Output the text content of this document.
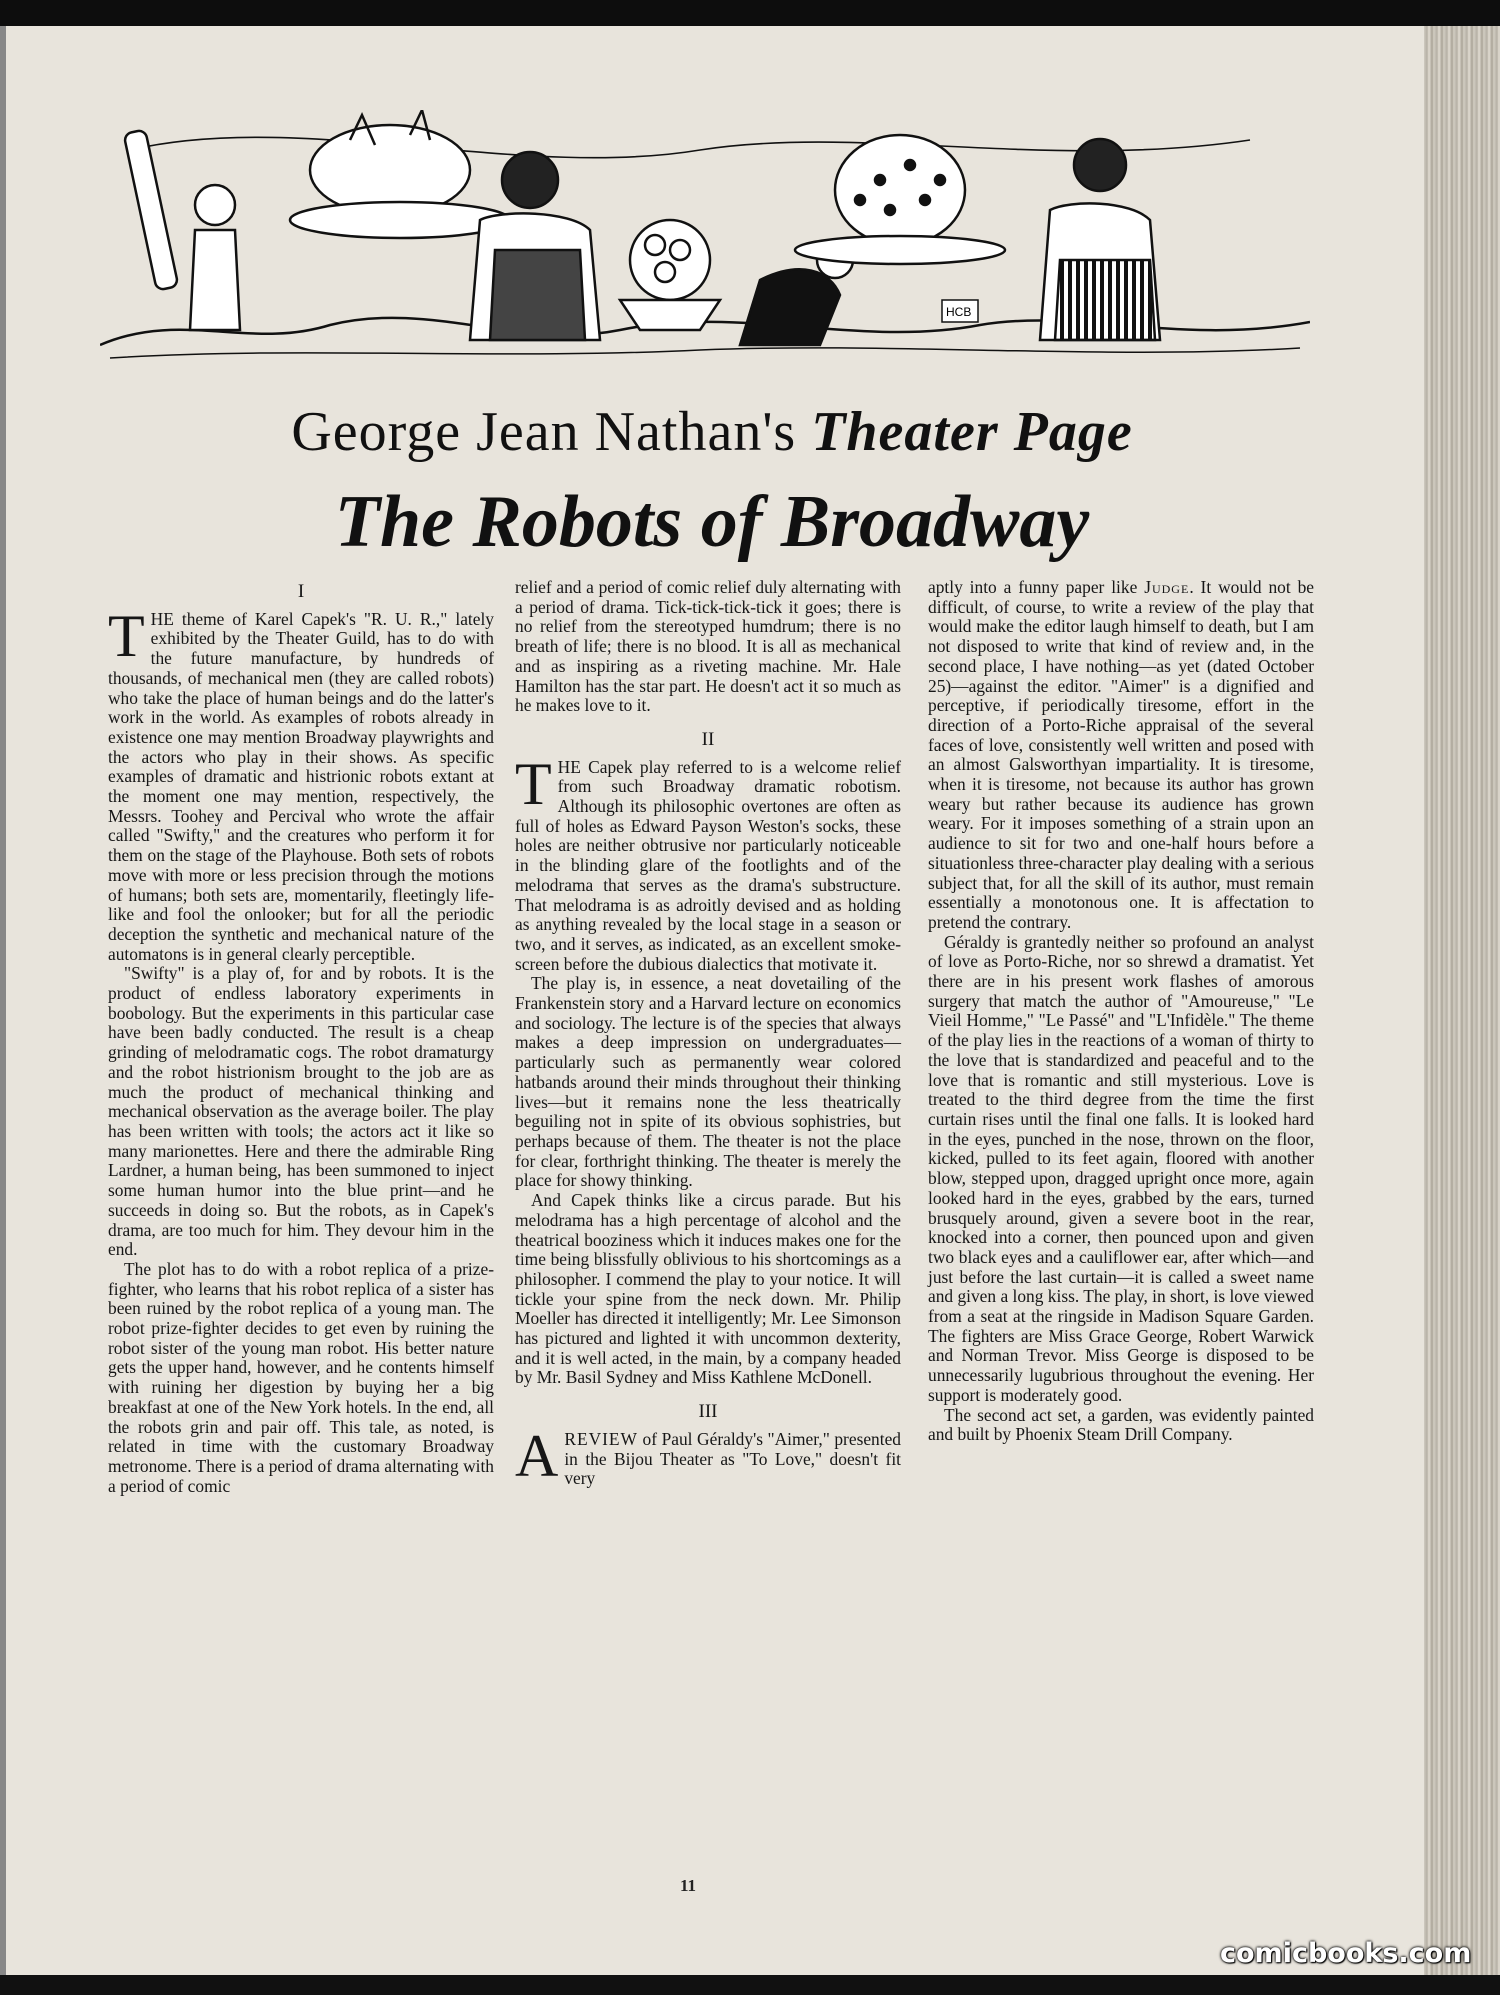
HCB
George Jean Nathan's Theater Page
The Robots of Broadway
I

THE theme of Karel Capek's "R. U. R.," lately exhibited by the Theater Guild, has to do with the future manufacture, by hundreds of thousands, of mechanical men (they are called robots) who take the place of human beings and do the latter's work in the world. As examples of robots already in existence one may mention Broadway playwrights and the actors who play in their shows. As specific examples of dramatic and histrionic robots extant at the moment one may mention, respectively, the Messrs. Toohey and Percival who wrote the affair called "Swifty," and the creatures who perform it for them on the stage of the Playhouse. Both sets of robots move with more or less precision through the motions of humans; both sets are, momentarily, fleetingly life-like and fool the onlooker; but for all the periodic deception the synthetic and mechanical nature of the automatons is in general clearly perceptible.

"Swifty" is a play of, for and by robots. It is the product of endless laboratory experiments in boobology. But the experiments in this particular case have been badly conducted. The result is a cheap grinding of melodramatic cogs. The robot dramaturgy and the robot histrionism brought to the job are as much the product of mechanical thinking and mechanical observation as the average boiler. The play has been written with tools; the actors act it like so many marionettes. Here and there the admirable Ring Lardner, a human being, has been summoned to inject some human humor into the blue print—and he succeeds in doing so. But the robots, as in Capek's drama, are too much for him. They devour him in the end.

The plot has to do with a robot replica of a prize-fighter, who learns that his robot replica of a sister has been ruined by the robot replica of a young man. The robot prize-fighter decides to get even by ruining the robot sister of the young man robot. His better nature gets the upper hand, however, and he contents himself with ruining her digestion by buying her a big breakfast at one of the New York hotels. In the end, all the robots grin and pair off. This tale, as noted, is related in time with the customary Broadway metronome. There is a period of drama alternating with a period of comic

relief and a period of comic relief duly alternating with a period of drama. Tick-tick-tick-tick it goes; there is no relief from the stereotyped humdrum; there is no breath of life; there is no blood. It is all as mechanical and as inspiring as a riveting machine. Mr. Hale Hamilton has the star part. He doesn't act it so much as he makes love to it.

II

THE Capek play referred to is a welcome relief from such Broadway dramatic robotism. Although its philosophic overtones are often as full of holes as Edward Payson Weston's socks, these holes are neither obtrusive nor particularly noticeable in the blinding glare of the footlights and of the melodrama that serves as the drama's substructure. That melodrama is as adroitly devised and as holding as anything revealed by the local stage in a season or two, and it serves, as indicated, as an excellent smoke-screen before the dubious dialectics that motivate it.

The play is, in essence, a neat dovetailing of the Frankenstein story and a Harvard lecture on economics and sociology. The lecture is of the species that always makes a deep impression on undergraduates—particularly such as permanently wear colored hatbands around their minds throughout their thinking lives—but it remains none the less theatrically beguiling not in spite of its obvious sophistries, but perhaps because of them. The theater is not the place for clear, forthright thinking. The theater is merely the place for showy thinking.

And Capek thinks like a circus parade. But his melodrama has a high percentage of alcohol and the theatrical booziness which it induces makes one for the time being blissfully oblivious to his shortcomings as a philosopher. I commend the play to your notice. It will tickle your spine from the neck down. Mr. Philip Moeller has directed it intelligently; Mr. Lee Simonson has pictured and lighted it with uncommon dexterity, and it is well acted, in the main, by a company headed by Mr. Basil Sydney and Miss Kathlene McDonell.

III

AREVIEW of Paul Géraldy's "Aimer," presented in the Bijou Theater as "To Love," doesn't fit very

aptly into a funny paper like Judge. It would not be difficult, of course, to write a review of the play that would make the editor laugh himself to death, but I am not disposed to write that kind of review and, in the second place, I have nothing—as yet (dated October 25)—against the editor. "Aimer" is a dignified and perceptive, if periodically tiresome, effort in the direction of a Porto-Riche appraisal of the several faces of love, consistently well written and posed with an almost Galsworthyan impartiality. It is tiresome, when it is tiresome, not because its author has grown weary but rather because its audience has grown weary. For it imposes something of a strain upon an audience to sit for two and one-half hours before a situationless three-character play dealing with a serious subject that, for all the skill of its author, must remain essentially a monotonous one. It is affectation to pretend the contrary.

Géraldy is grantedly neither so profound an analyst of love as Porto-Riche, nor so shrewd a dramatist. Yet there are in his present work flashes of amorous surgery that match the author of "Amoureuse," "Le Vieil Homme," "Le Passé" and "L'Infidèle." The theme of the play lies in the reactions of a woman of thirty to the love that is standardized and peaceful and to the love that is romantic and still mysterious. Love is treated to the third degree from the time the first curtain rises until the final one falls. It is looked hard in the eyes, punched in the nose, thrown on the floor, kicked, pulled to its feet again, floored with another blow, stepped upon, dragged upright once more, again looked hard in the eyes, grabbed by the ears, turned brusquely around, given a severe boot in the rear, knocked into a corner, then pounced upon and given two black eyes and a cauliflower ear, after which—and just before the last curtain—it is called a sweet name and given a long kiss. The play, in short, is love viewed from a seat at the ringside in Madison Square Garden. The fighters are Miss Grace George, Robert Warwick and Norman Trevor. Miss George is disposed to be unnecessarily lugubrious throughout the evening. Her support is moderately good.

The second act set, a garden, was evidently painted and built by Phoenix Steam Drill Company.

11
comicbooks.com
